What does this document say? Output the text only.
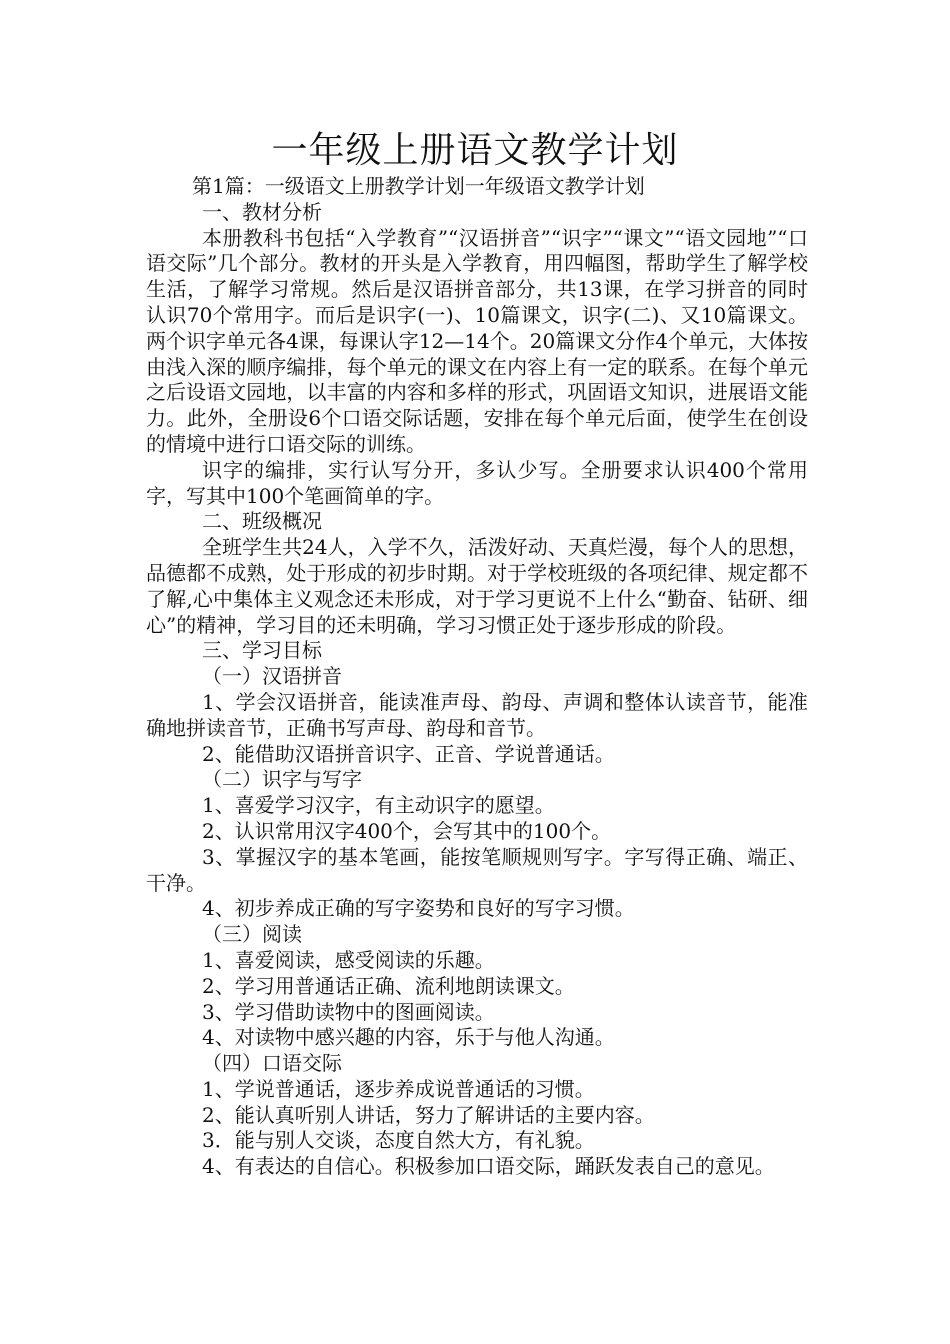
一年级上册语文教学计划

第1篇：一级语文上册教学计划一年级语文教学计划

一、教材分析

本册教科书包括“入学教育”“汉语拼音”“识字”“课文”“语文园地”“口语交际”几个部分。教材的开头是入学教育，用四幅图，帮助学生了解学校生活，了解学习常规。然后是汉语拼音部分，共13课，在学习拼音的同时认识70个常用字。而后是识字(一)、10篇课文，识字(二)、又10篇课文。两个识字单元各4课，每课认字12—14个。20篇课文分作4个单元，大体按由浅入深的顺序编排，每个单元的课文在内容上有一定的联系。在每个单元之后设语文园地，以丰富的内容和多样的形式，巩固语文知识，进展语文能力。此外，全册设6个口语交际话题，安排在每个单元后面，使学生在创设的情境中进行口语交际的训练。

识字的编排，实行认写分开，多认少写。全册要求认识400个常用字，写其中100个笔画简单的字。

二、班级概况

全班学生共24人，入学不久，活泼好动、天真烂漫，每个人的思想，品德都不成熟，处于形成的初步时期。对于学校班级的各项纪律、规定都不了解,心中集体主义观念还未形成，对于学习更说不上什么“勤奋、钻研、细心”的精神，学习目的还未明确，学习习惯正处于逐步形成的阶段。

三、学习目标

（一）汉语拼音

1、学会汉语拼音，能读准声母、韵母、声调和整体认读音节，能准确地拼读音节，正确书写声母、韵母和音节。

2、能借助汉语拼音识字、正音、学说普通话。

（二）识字与写字

1、喜爱学习汉字，有主动识字的愿望。

2、认识常用汉字400个，会写其中的100个。

3、掌握汉字的基本笔画，能按笔顺规则写字。字写得正确、端正、干净。

4、初步养成正确的写字姿势和良好的写字习惯。

（三）阅读

1、喜爱阅读，感受阅读的乐趣。

2、学习用普通话正确、流利地朗读课文。

3、学习借助读物中的图画阅读。

4、对读物中感兴趣的内容，乐于与他人沟通。

（四）口语交际

1、学说普通话，逐步养成说普通话的习惯。

2、能认真听别人讲话，努力了解讲话的主要内容。

3．能与别人交谈，态度自然大方，有礼貌。

4、有表达的自信心。积极参加口语交际，踊跃发表自己的意见。
